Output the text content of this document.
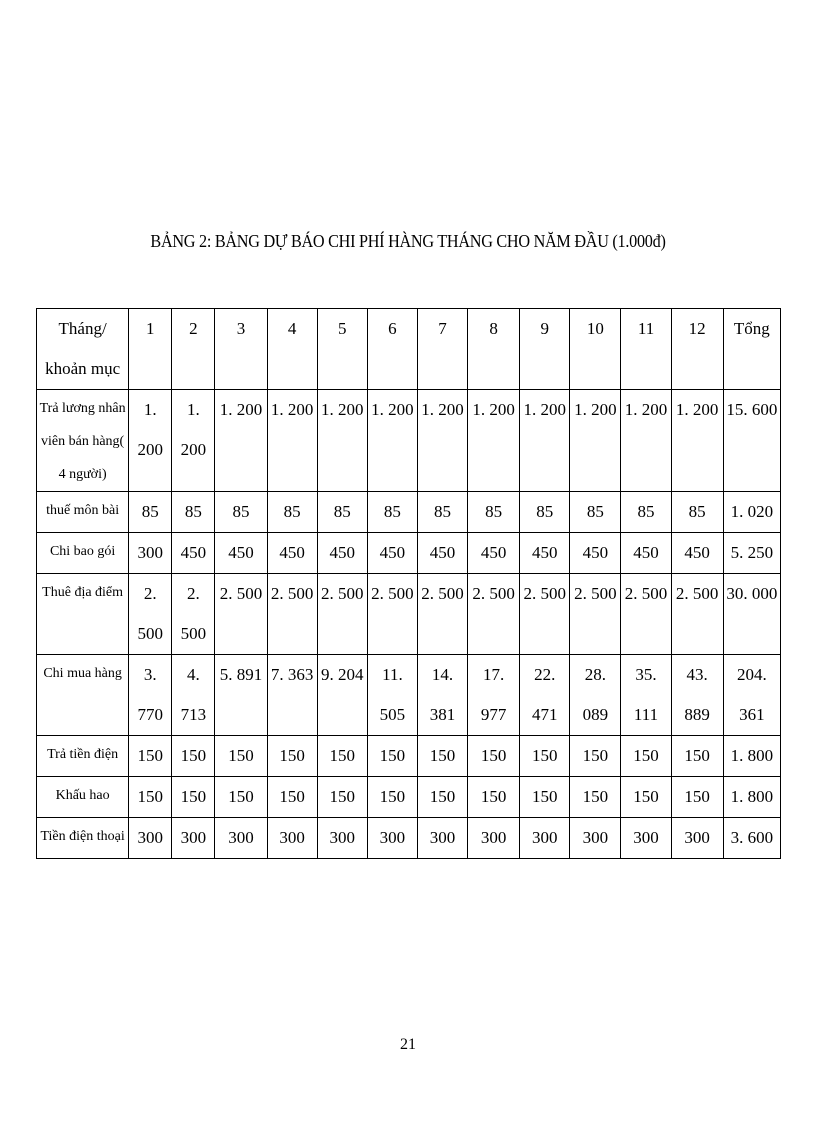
BẢNG 2: BẢNG DỰ BÁO CHI PHÍ HÀNG THÁNG CHO NĂM ĐẦU (1.000đ)
Tháng/ khoản mục	1	2	3	4	5	6	7	8	9	10	11	12	Tổng
Trả lương nhân viên bán hàng( 4 người)	1. 200	1. 200	1. 200	1. 200	1. 200	1. 200	1. 200	1. 200	1. 200	1. 200	1. 200	1. 200	15. 600
thuế môn bài	85	85	85	85	85	85	85	85	85	85	85	85	1. 020
Chi bao gói	300	450	450	450	450	450	450	450	450	450	450	450	5. 250
Thuê địa điểm	2. 500	2. 500	2. 500	2. 500	2. 500	2. 500	2. 500	2. 500	2. 500	2. 500	2. 500	2. 500	30. 000
Chi mua hàng	3. 770	4. 713	5. 891	7. 363	9. 204	11. 505	14. 381	17. 977	22. 471	28. 089	35. 111	43. 889	204. 361
Trả tiền điện	150	150	150	150	150	150	150	150	150	150	150	150	1. 800
Khấu hao	150	150	150	150	150	150	150	150	150	150	150	150	1. 800
Tiền điện thoại	300	300	300	300	300	300	300	300	300	300	300	300	3. 600
21
